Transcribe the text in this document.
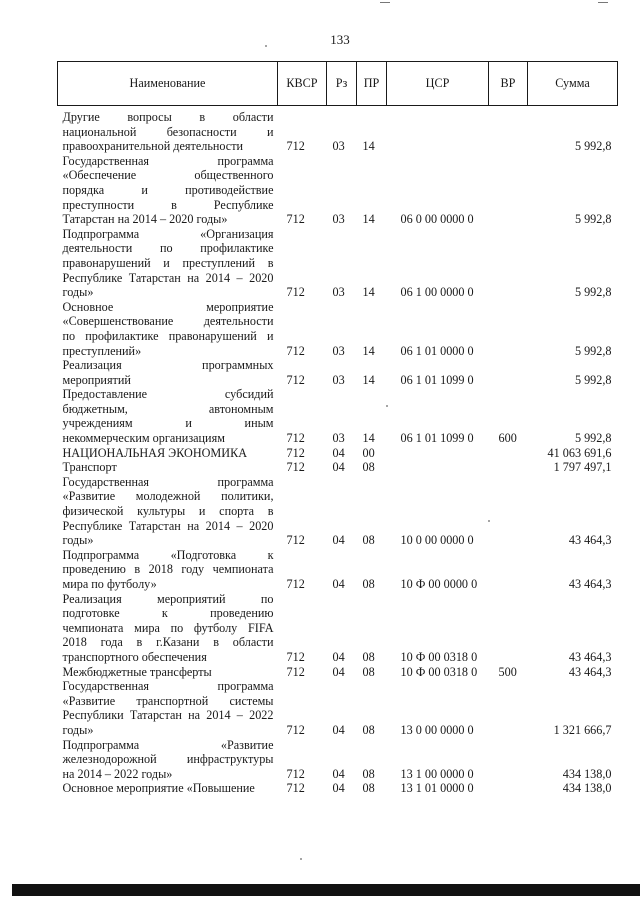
133
Наименование	КВСР	Рз	ПР	ЦСР	ВР	Сумма

Другие вопросы в области
национальной безопасности и
правоохранительной деятельности	712	03	14			5 992,8

Государственная программа
«Обеспечение общественного
порядка и противодействие
преступности в Республике
Татарстан на 2014 – 2020 годы»	712	03	14	06 0 00 0000 0		5 992,8

Подпрограмма «Организация
деятельности по профилактике
правонарушений и преступлений в
Республике Татарстан на 2014 – 2020
годы»	712	03	14	06 1 00 0000 0		5 992,8

Основное мероприятие
«Совершенствование деятельности
по профилактике правонарушений и
преступлений»	712	03	14	06 1 01 0000 0		5 992,8

Реализация программных
мероприятий	712	03	14	06 1 01 1099 0		5 992,8

Предоставление субсидий
бюджетным, автономным
учреждениям и иным
некоммерческим организациям	712	03	14	06 1 01 1099 0	600	5 992,8

НАЦИОНАЛЬНАЯ ЭКОНОМИКА	712	04	00			41 063 691,6

Транспорт	712	04	08			1 797 497,1

Государственная программа
«Развитие молодежной политики,
физической культуры и спорта в
Республике Татарстан на 2014 – 2020
годы»	712	04	08	10 0 00 0000 0		43 464,3

Подпрограмма «Подготовка к
проведению в 2018 году чемпионата
мира по футболу»	712	04	08	10 Ф 00 0000 0		43 464,3

Реализация мероприятий по
подготовке к проведению
чемпионата мира по футболу FIFA
2018 года в г.Казани в области
транспортного обеспечения	712	04	08	10 Ф 00 0318 0		43 464,3

Межбюджетные трансферты	712	04	08	10 Ф 00 0318 0	500	43 464,3

Государственная программа
«Развитие транспортной системы
Республики Татарстан на 2014 – 2022
годы»	712	04	08	13 0 00 0000 0		1 321 666,7

Подпрограмма «Развитие
железнодорожной инфраструктуры
на 2014 – 2022 годы»	712	04	08	13 1 00 0000 0		434 138,0

Основное мероприятие «Повышение	712	04	08	13 1 01 0000 0		434 138,0
